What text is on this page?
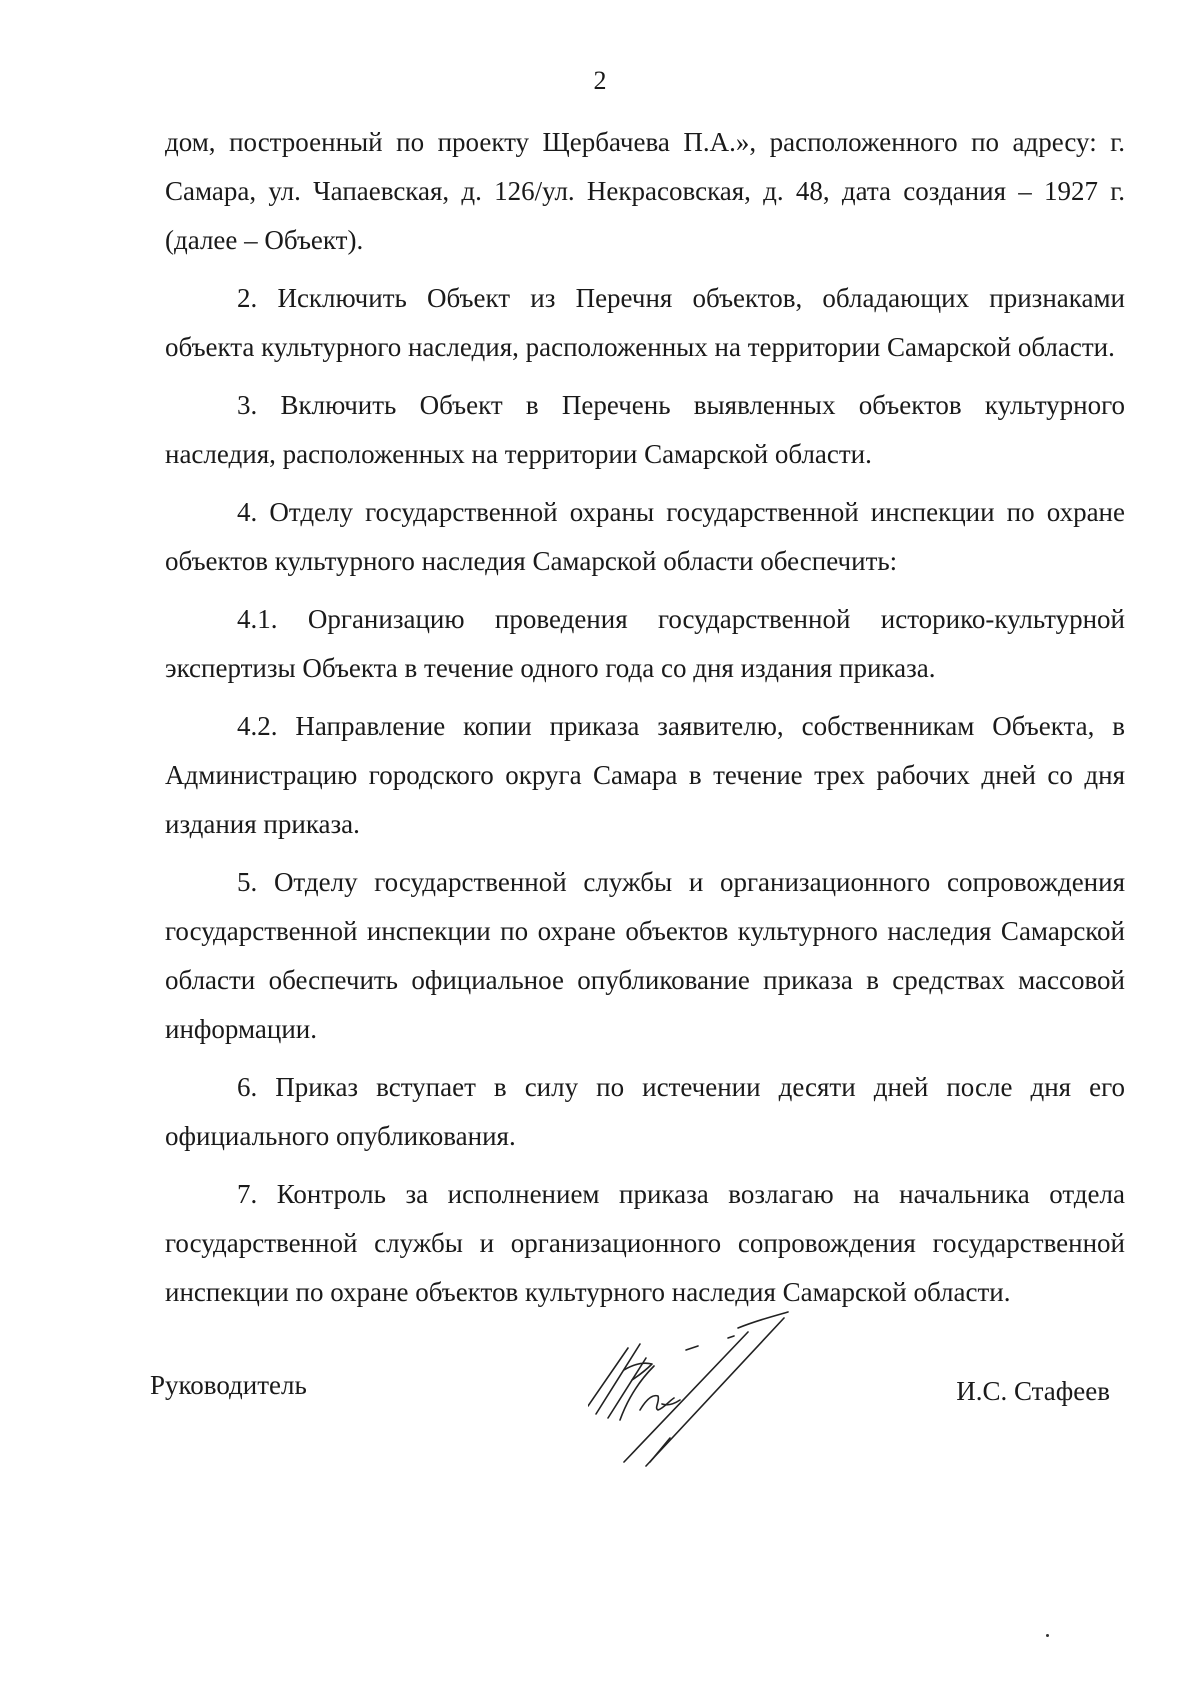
2

дом, построенный по проекту Щербачева П.А.», расположенного по адресу: г. Самара, ул. Чапаевская, д. 126/ул. Некрасовская, д. 48, дата создания – 1927 г. (далее – Объект).

2. Исключить Объект из Перечня объектов, обладающих признаками объекта культурного наследия, расположенных на территории Самарской области.

3. Включить Объект в Перечень выявленных объектов культурного наследия, расположенных на территории Самарской области.

4. Отделу государственной охраны государственной инспекции по охране объектов культурного наследия Самарской области обеспечить:

4.1. Организацию проведения государственной историко-культурной экспертизы Объекта в течение одного года со дня издания приказа.

4.2. Направление копии приказа заявителю, собственникам Объекта, в Администрацию городского округа Самара в течение трех рабочих дней со дня издания приказа.

5. Отделу государственной службы и организационного сопровождения государственной инспекции по охране объектов культурного наследия Самарской области обеспечить официальное опубликование приказа в средствах массовой информации.

6. Приказ вступает в силу по истечении десяти дней после дня его официального опубликования.

7. Контроль за исполнением приказа возлагаю на начальника отдела государственной службы и организационного сопровождения государственной инспекции по охране объектов культурного наследия Самарской области.

Руководитель	И.С. Стафеев
